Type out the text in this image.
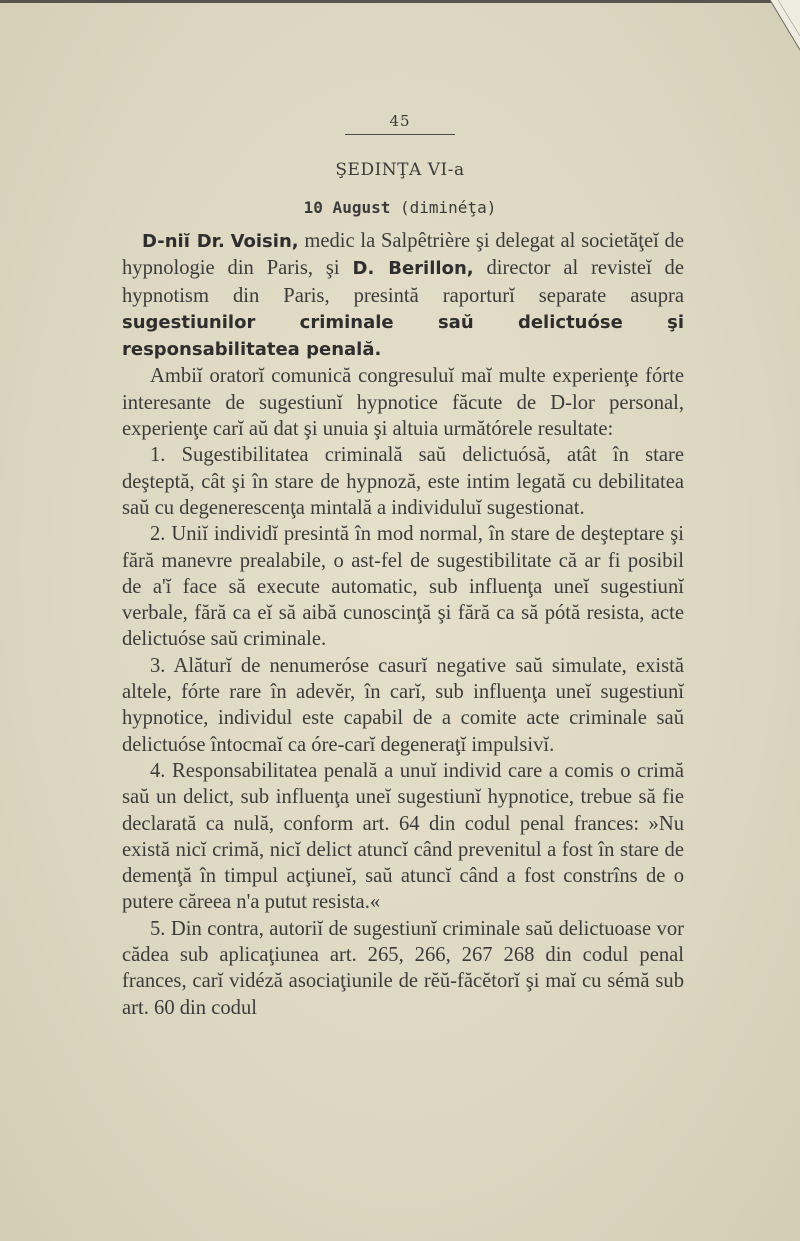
45
ŞEDINŢA VI-a
10 August (diminéţa)

D-niĭ Dr. Voisin, medic la Salpêtrière şi delegat al societăţeĭ de hypnologie din Paris, şi D. Berillon, director al revisteĭ de hypnotism din Paris, presintă raporturĭ separate asupra sugestiunilor criminale saŭ delictuóse şi responsabilitatea penală.

Ambiĭ oratorĭ comunică congresuluĭ maĭ multe experienţe fórte interesante de sugestiunĭ hypnotice făcute de D-lor personal, experienţe carĭ aŭ dat şi unuia şi altuia următórele resultate:

1. Sugestibilitatea criminală saŭ delictuósă, atât în stare deşteptă, cât şi în stare de hypnoză, este intim legată cu debilitatea saŭ cu degenerescenţa mintală a individuluĭ sugestionat.

2. Uniĭ individĭ presintă în mod normal, în stare de deşteptare şi fără manevre prealabile, o ast-fel de sugestibilitate că ar fi posibil de a'ĭ face să execute automatic, sub influenţa uneĭ sugestiunĭ verbale, fără ca eĭ să aibă cunoscinţă şi fără ca să pótă resista, acte delictuóse saŭ criminale.

3. Alăturĭ de nenumeróse casurĭ negative saŭ simulate, există altele, fórte rare în adevĕr, în carĭ, sub influenţa uneĭ sugestiunĭ hypnotice, individul este capabil de a comite acte criminale saŭ delictuóse întocmaĭ ca óre-carĭ degeneraţĭ impulsivĭ.

4. Responsabilitatea penală a unuĭ individ care a comis o crimă saŭ un delict, sub influenţa uneĭ sugestiunĭ hypnotice, trebue să fie declarată ca nulă, conform art. 64 din codul penal frances: »Nu există nicĭ crimă, nicĭ delict atuncĭ când prevenitul a fost în stare de demenţă în timpul acţiuneĭ, saŭ atuncĭ când a fost constrîns de o putere căreea n'a putut resista.«

5. Din contra, autoriĭ de sugestiunĭ criminale saŭ delictuoase vor cădea sub aplicaţiunea art. 265, 266, 267 268 din codul penal frances, carĭ vidéză asociaţiunile de rĕŭ-făcĕtorĭ şi maĭ cu sémă sub art. 60 din codul
